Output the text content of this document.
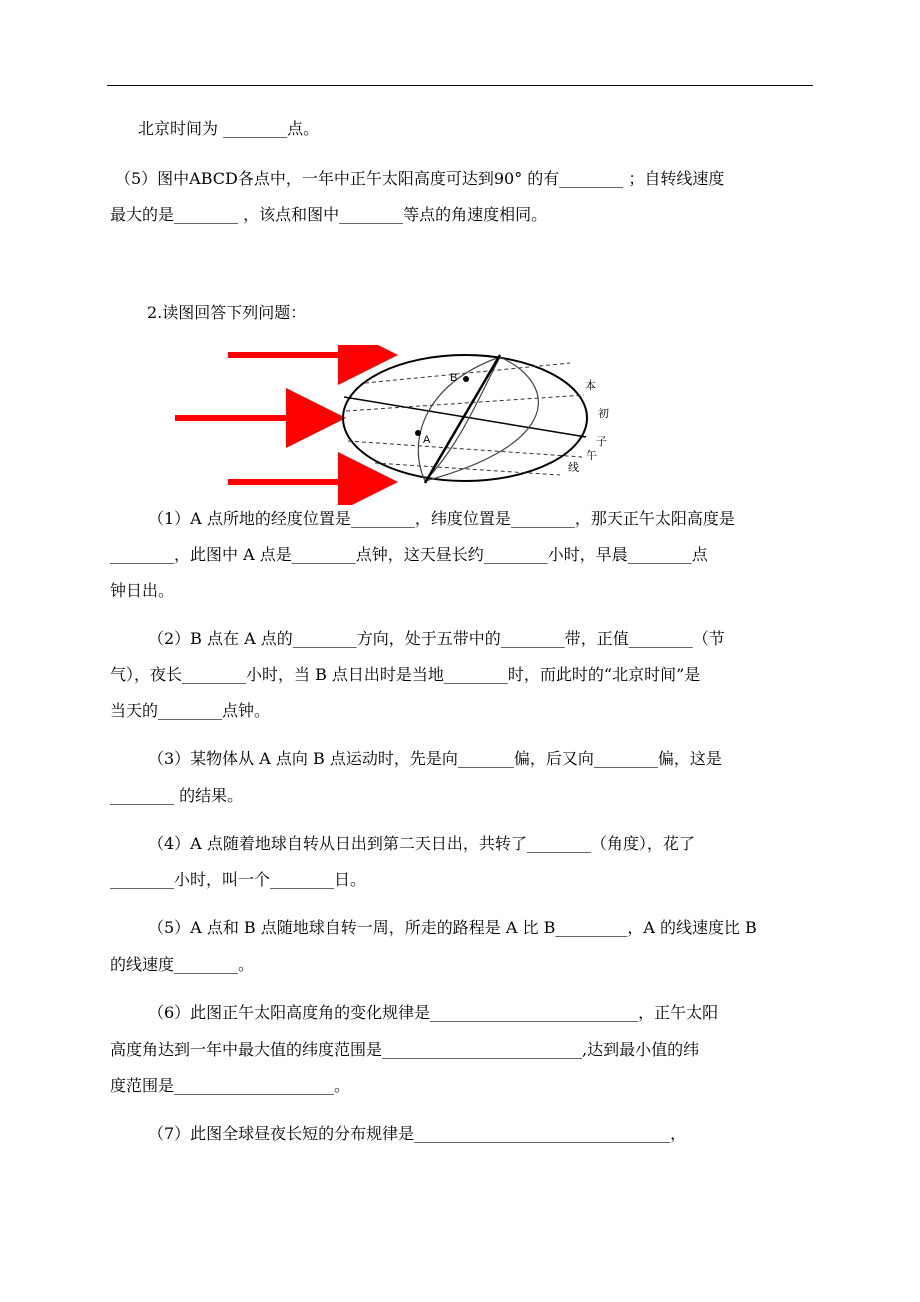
北京时间为 ________点。
（5）图中ABCD各点中，一年中正午太阳高度可达到90° 的有________ ；自转线速度
最大的是________ ，该点和图中________等点的角速度相同。
2.读图回答下列问题：
B
A
本
初
子
午
线
（1）A 点所地的经度位置是________，纬度位置是________，那天正午太阳高度是
________，此图中 A 点是________点钟，这天昼长约________小时，早晨________点
钟日出。
（2）B 点在 A 点的________方向，处于五带中的________带，正值________（节
气），夜长________小时，当 B 点日出时是当地________时，而此时的“北京时间”是
当天的________点钟。
（3）某物体从 A 点向 B 点运动时，先是向_______偏，后又向________偏，这是
________ 的结果。
（4）A 点随着地球自转从日出到第二天日出，共转了________（角度），花了
________小时，叫一个________日。
（5）A 点和 B 点随地球自转一周，所走的路程是 A 比 B_________，A 的线速度比 B
的线速度________。
（6）此图正午太阳高度角的变化规律是__________________________，正午太阳
高度角达到一年中最大值的纬度范围是_________________________,达到最小值的纬
度范围是____________________。
（7）此图全球昼夜长短的分布规律是________________________________，
